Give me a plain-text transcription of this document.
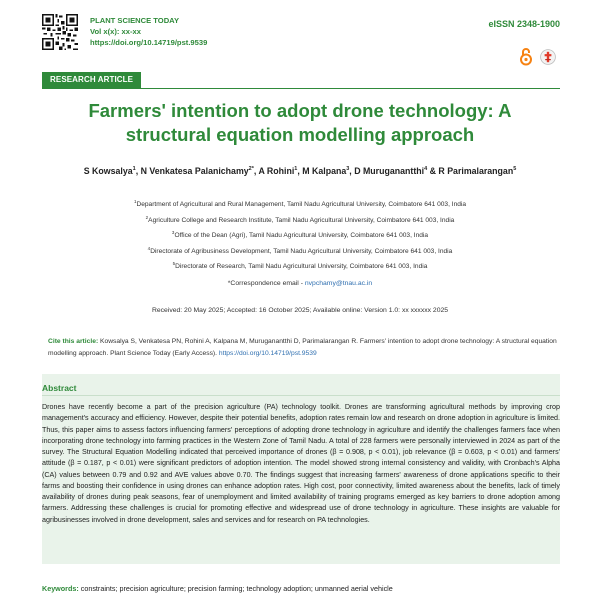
PLANT SCIENCE TODAY
Vol x(x): xx-xx
https://doi.org/10.14719/pst.9539
eISSN 2348-1900
RESEARCH ARTICLE
Farmers' intention to adopt drone technology: A structural equation modelling approach
S Kowsalya$^1$, N Venkatesa Palanichamy$^{2*}$, A Rohini$^1$, M Kalpana$^3$, D Muruganantthi$^4$ & R Parimalarangan$^5$
$^1$Department of Agricultural and Rural Management, Tamil Nadu Agricultural University, Coimbatore 641 003, India
$^2$Agriculture College and Research Institute, Tamil Nadu Agricultural University, Coimbatore 641 003, India
$^3$Office of the Dean (Agri), Tamil Nadu Agricultural University, Coimbatore 641 003, India
$^4$Directorate of Agribusiness Development, Tamil Nadu Agricultural University, Coimbatore 641 003, India
$^5$Directorate of Research, Tamil Nadu Agricultural University, Coimbatore 641 003, India
*Correspondence email - nvpchamy@tnau.ac.in
Received: 20 May 2025; Accepted: 16 October 2025; Available online: Version 1.0: xx xxxxxx 2025
Cite this article: Kowsalya S, Venkatesa PN, Rohini A, Kalpana M, Muruganantthi D, Parimalarangan R. Farmers' intention to adopt drone technology: A structural equation modelling approach. Plant Science Today (Early Access). https://doi.org/10.14719/pst.9539
Abstract
Drones have recently become a part of the precision agriculture (PA) technology toolkit. Drones are transforming agricultural methods by improving crop management's accuracy and efficiency. However, despite their potential benefits, adoption rates remain low and research on drone adoption in agriculture is limited. Thus, this paper aims to assess factors influencing farmers' perceptions of adopting drone technology in agriculture and identify the challenges farmers face when incorporating drone technology into farming practices in the Western Zone of Tamil Nadu. A total of 228 farmers were personally interviewed in 2024 as part of the survey. The Structural Equation Modelling indicated that perceived importance of drones (β = 0.908, p < 0.01), job relevance (β = 0.603, p < 0.01) and farmers' attitude (β = 0.187, p < 0.01) were significant predictors of adoption intention. The model showed strong internal consistency and validity, with Cronbach's Alpha (CA) values between 0.79 and 0.92 and AVE values above 0.70. The findings suggest that increasing farmers' awareness of drone applications specific to their farms and boosting their confidence in using drones can enhance adoption rates. High cost, poor connectivity, limited awareness about the benefits, lack of timely availability of drones during peak seasons, fear of unemployment and limited availability of training programs emerged as key barriers to drone adoption among farmers. Addressing these challenges is crucial for promoting effective and widespread use of drone technology in agriculture. These insights are valuable for agribusinesses involved in drone development, sales and services and for research on PA technologies.
Keywords: constraints; precision agriculture; precision farming; technology adoption; unmanned aerial vehicle
